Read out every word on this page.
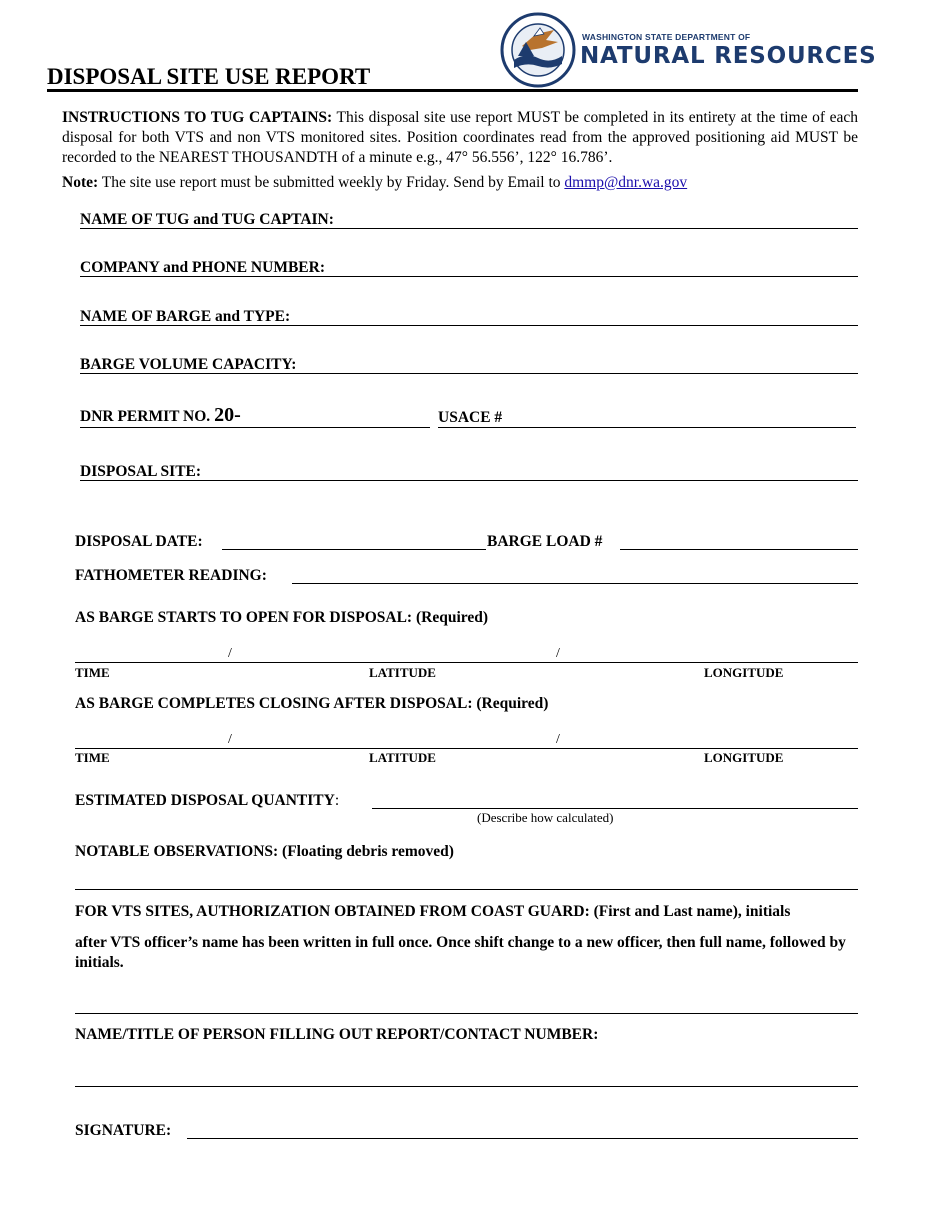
DISPOSAL SITE USE REPORT
WASHINGTON STATE DEPARTMENT OF
NATURAL RESOURCES
INSTRUCTIONS TO TUG CAPTAINS: This disposal site use report MUST be completed in its entirety at the time of each disposal for both VTS and non VTS monitored sites. Position coordinates read from the approved positioning aid MUST be recorded to the NEAREST THOUSANDTH of a minute e.g., 47° 56.556’, 122° 16.786’.
Note: The site use report must be submitted weekly by Friday. Send by Email to dmmp@dnr.wa.gov
NAME OF TUG and TUG CAPTAIN:
COMPANY and PHONE NUMBER:
NAME OF BARGE and TYPE:
BARGE VOLUME CAPACITY:
DNR PERMIT NO. 20-	USACE #
DISPOSAL SITE:
DISPOSAL DATE:	BARGE LOAD #
FATHOMETER READING:
AS BARGE STARTS TO OPEN FOR DISPOSAL: (Required)
/	/
TIME	LATITUDE	LONGITUDE
AS BARGE COMPLETES CLOSING AFTER DISPOSAL: (Required)
/	/
TIME	LATITUDE	LONGITUDE
ESTIMATED DISPOSAL QUANTITY:
(Describe how calculated)
NOTABLE OBSERVATIONS: (Floating debris removed)
FOR VTS SITES, AUTHORIZATION OBTAINED FROM COAST GUARD: (First and Last name), initials
after VTS officer’s name has been written in full once. Once shift change to a new officer, then full name, followed by initials.
NAME/TITLE OF PERSON FILLING OUT REPORT/CONTACT NUMBER:
SIGNATURE:
